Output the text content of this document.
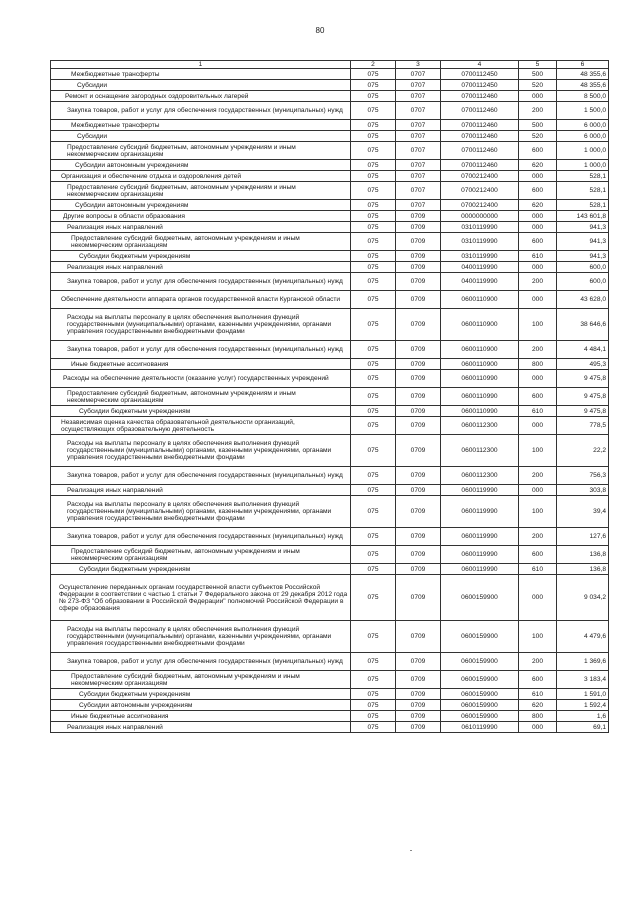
80
1	2	3	4	5	6
Межбюджетные трансферты	075	0707	0700112450	500	48 355,6
Субсидии	075	0707	0700112450	520	48 355,6
Ремонт и оснащение загородных оздоровительных лагерей	075	0707	0700112460	000	8 500,0
Закупка товаров, работ и услуг для обеспечения государственных (муниципальных) нужд	075	0707	0700112460	200	1 500,0
Межбюджетные трансферты	075	0707	0700112460	500	6 000,0
Субсидии	075	0707	0700112460	520	6 000,0
Предоставление субсидий бюджетным, автономным учреждениям и иным некоммерческим организациям	075	0707	0700112460	600	1 000,0
Субсидии автономным учреждениям	075	0707	0700112460	620	1 000,0
Организация и обеспечение отдыха и оздоровления детей	075	0707	0700212400	000	528,1
Предоставление субсидий бюджетным, автономным учреждениям и иным некоммерческим организациям	075	0707	0700212400	600	528,1
Субсидии автономным учреждениям	075	0707	0700212400	620	528,1
Другие вопросы в области образования	075	0709	0000000000	000	143 601,8
Реализация иных направлений	075	0709	0310119990	000	941,3
Предоставление субсидий бюджетным, автономным учреждениям и иным некоммерческим организациям	075	0709	0310119990	600	941,3
Субсидии бюджетным учреждениям	075	0709	0310119990	610	941,3
Реализация иных направлений	075	0709	0400119990	000	600,0
Закупка товаров, работ и услуг для обеспечения государственных (муниципальных) нужд	075	0709	0400119990	200	600,0
Обеспечение деятельности аппарата органов государственной власти Курганской области	075	0709	0600110900	000	43 628,0
Расходы на выплаты персоналу в целях обеспечения выполнения функций государственными (муниципальными) органами, казенными учреждениями, органами управления государственными внебюджетными фондами	075	0709	0600110900	100	38 646,6
Закупка товаров, работ и услуг для обеспечения государственных (муниципальных) нужд	075	0709	0600110900	200	4 484,1
Иные бюджетные ассигнования	075	0709	0600110900	800	495,3
Расходы на обеспечение деятельности (оказание услуг) государственных учреждений	075	0709	0600110990	000	9 475,8
Предоставление субсидий бюджетным, автономным учреждениям и иным некоммерческим организациям	075	0709	0600110990	600	9 475,8
Субсидии бюджетным учреждениям	075	0709	0600110990	610	9 475,8
Независимая оценка качества образовательной деятельности организаций, осуществляющих образовательную деятельность	075	0709	0600112300	000	778,5
Расходы на выплаты персоналу в целях обеспечения выполнения функций государственными (муниципальными) органами, казенными учреждениями, органами управления государственными внебюджетными фондами	075	0709	0600112300	100	22,2
Закупка товаров, работ и услуг для обеспечения государственных (муниципальных) нужд	075	0709	0600112300	200	756,3
Реализация иных направлений	075	0709	0600119990	000	303,8
Расходы на выплаты персоналу в целях обеспечения выполнения функций государственными (муниципальными) органами, казенными учреждениями, органами управления государственными внебюджетными фондами	075	0709	0600119990	100	39,4
Закупка товаров, работ и услуг для обеспечения государственных (муниципальных) нужд	075	0709	0600119990	200	127,6
Предоставление субсидий бюджетным, автономным учреждениям и иным некоммерческим организациям	075	0709	0600119990	600	136,8
Субсидии бюджетным учреждениям	075	0709	0600119990	610	136,8
Осуществление переданных органам государственной власти субъектов Российской Федерации в соответствии с частью 1 статьи 7 Федерального закона от 29 декабря 2012 года № 273-ФЗ "Об образовании в Российской Федерации" полномочий Российской Федерации в сфере образования	075	0709	0600159900	000	9 034,2
Расходы на выплаты персоналу в целях обеспечения выполнения функций государственными (муниципальными) органами, казенными учреждениями, органами управления государственными внебюджетными фондами	075	0709	0600159900	100	4 479,6
Закупка товаров, работ и услуг для обеспечения государственных (муниципальных) нужд	075	0709	0600159900	200	1 369,6
Предоставление субсидий бюджетным, автономным учреждениям и иным некоммерческим организациям	075	0709	0600159900	600	3 183,4
Субсидии бюджетным учреждениям	075	0709	0600159900	610	1 591,0
Субсидии автономным учреждениям	075	0709	0600159900	620	1 592,4
Иные бюджетные ассигнования	075	0709	0600159900	800	1,6
Реализация иных направлений	075	0709	0610119990	000	69,1
